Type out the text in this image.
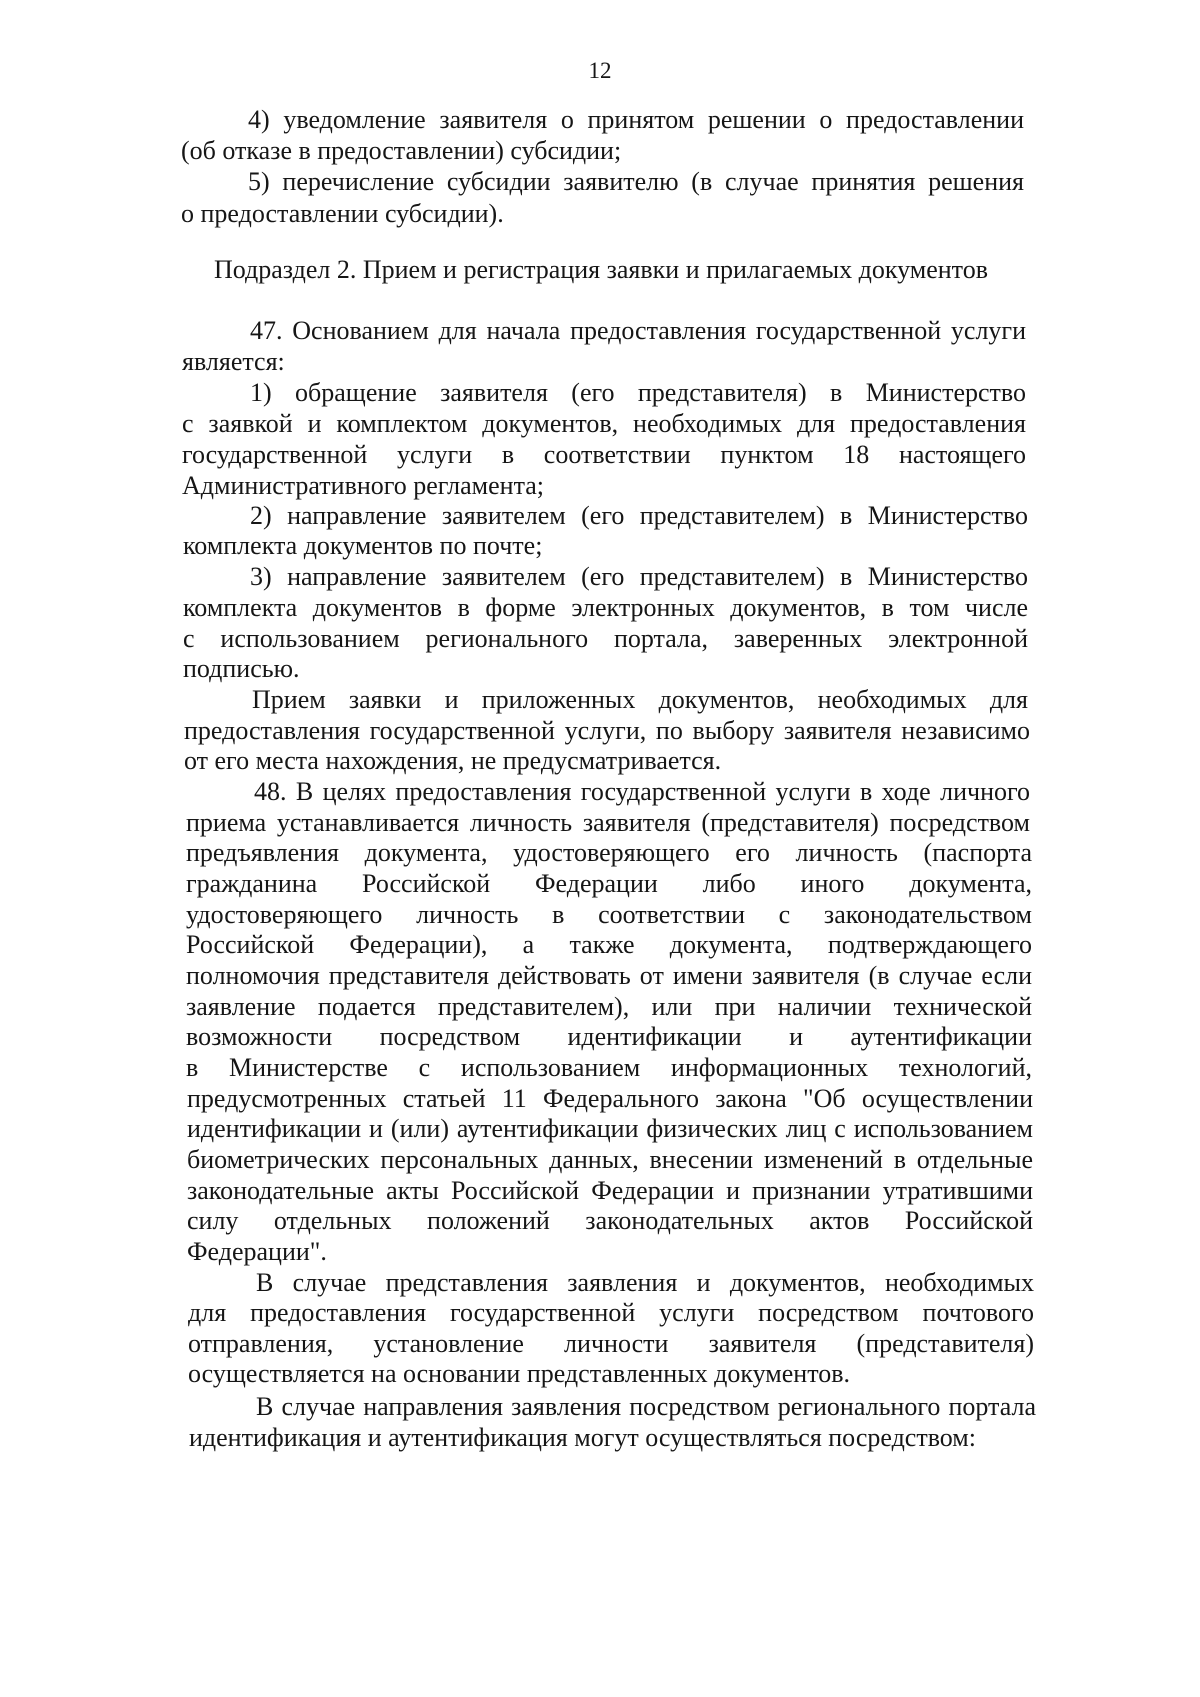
12
4) уведомление заявителя о принятом решении о предоставлении
(об отказе в предоставлении) субсидии;
5) перечисление субсидии заявителю (в случае принятия решения
о предоставлении субсидии).
Подраздел 2. Прием и регистрация заявки и прилагаемых документов
47. Основанием для начала предоставления государственной услуги
является:
1) обращение заявителя (его представителя) в Министерство
с заявкой и комплектом документов, необходимых для предоставления
государственной услуги в соответствии пунктом 18 настоящего
Административного регламента;
2) направление заявителем (его представителем) в Министерство
комплекта документов по почте;
3) направление заявителем (его представителем) в Министерство
комплекта документов в форме электронных документов, в том числе
с использованием регионального портала, заверенных электронной
подписью.
Прием заявки и приложенных документов, необходимых для
предоставления государственной услуги, по выбору заявителя независимо
от его места нахождения, не предусматривается.
48. В целях предоставления государственной услуги в ходе личного
приема устанавливается личность заявителя (представителя) посредством
предъявления документа, удостоверяющего его личность (паспорта
гражданина Российской Федерации либо иного документа,
удостоверяющего личность в соответствии с законодательством
Российской Федерации), а также документа, подтверждающего
полномочия представителя действовать от имени заявителя (в случае если
заявление подается представителем), или при наличии технической
возможности посредством идентификации и аутентификации
в Министерстве с использованием информационных технологий,
предусмотренных статьей 11 Федерального закона "Об осуществлении
идентификации и (или) аутентификации физических лиц с использованием
биометрических персональных данных, внесении изменений в отдельные
законодательные акты Российской Федерации и признании утратившими
силу отдельных положений законодательных актов Российской
Федерации".
В случае представления заявления и документов, необходимых
для предоставления государственной услуги посредством почтового
отправления, установление личности заявителя (представителя)
осуществляется на основании представленных документов.
В случае направления заявления посредством регионального портала
идентификация и аутентификация могут осуществляться посредством:
